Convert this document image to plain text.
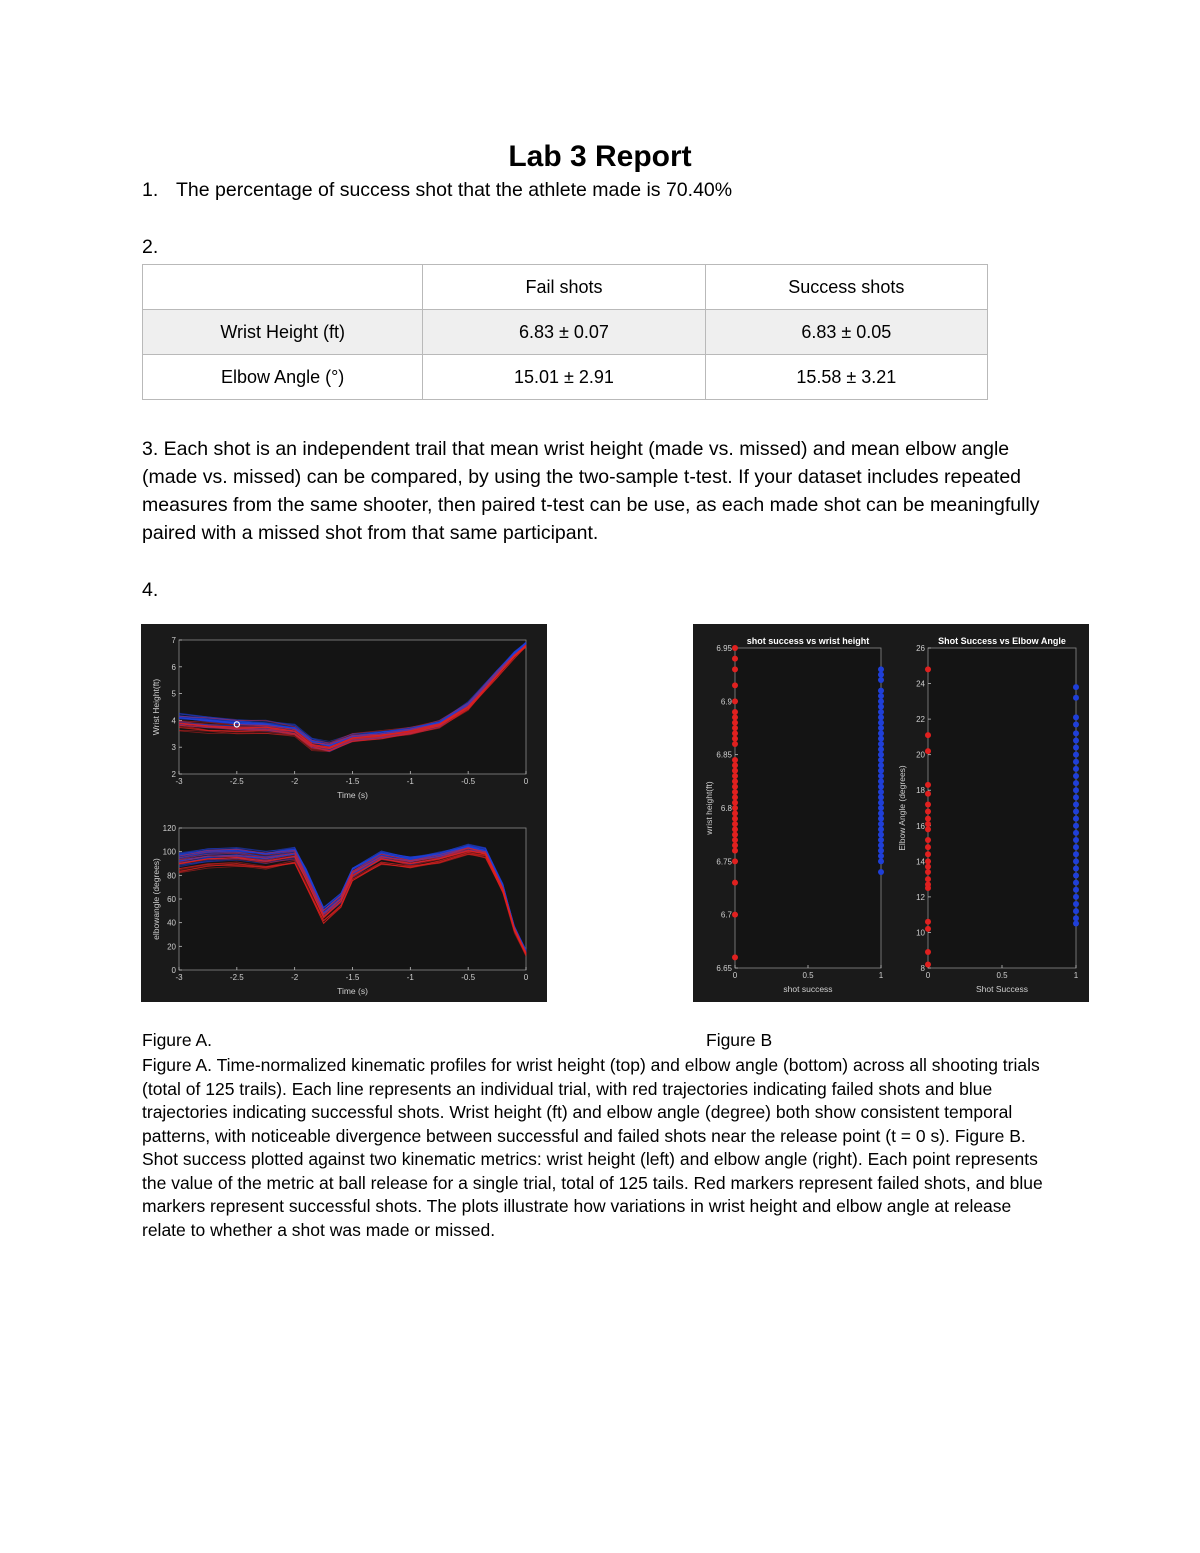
Lab 3 Report
1. The percentage of success shot that the athlete made is 70.40%
2.
	Fail shots	Success shots
Wrist Height (ft)	6.83 ± 0.07	6.83 ± 0.05
Elbow Angle (°)	15.01 ± 2.91	15.58 ± 3.21
3. Each shot is an independent trail that mean wrist height (made vs. missed) and mean elbow angle (made vs. missed) can be compared, by using the two-sample t-test. If your dataset includes repeated measures from the same shooter, then paired t-test can be use, as each made shot can be meaningfully paired with a missed shot from that same participant.
4.
-3	-2.5	-2	-1.5	-1	-0.5	0
2
3
4
5
6
7
Time (s)
Wrist Height(ft)
-3	-2.5	-2	-1.5	-1	-0.5	0
0
20
40
60
80
100
120
Time (s)
elbowangle (degrees)
0	0.5	1
6.65
6.7
6.75
6.8
6.85
6.9
6.95
shot success
wrist height(ft)
shot success vs wrist height
0	0.5	1
8
10
12
14
16
18
20
22
24
26
Shot Success
Elbow Angle (degrees)
Shot Success vs Elbow Angle
Figure A.	Figure B
Figure A. Time-normalized kinematic profiles for wrist height (top) and elbow angle (bottom) across all shooting trials (total of 125 trails). Each line represents an individual trial, with red trajectories indicating failed shots and blue trajectories indicating successful shots. Wrist height (ft) and elbow angle (degree) both show consistent temporal patterns, with noticeable divergence between successful and failed shots near the release point (t = 0 s). Figure B. Shot success plotted against two kinematic metrics: wrist height (left) and elbow angle (right). Each point represents the value of the metric at ball release for a single trial, total of 125 tails. Red markers represent failed shots, and blue markers represent successful shots. The plots illustrate how variations in wrist height and elbow angle at release relate to whether a shot was made or missed.
